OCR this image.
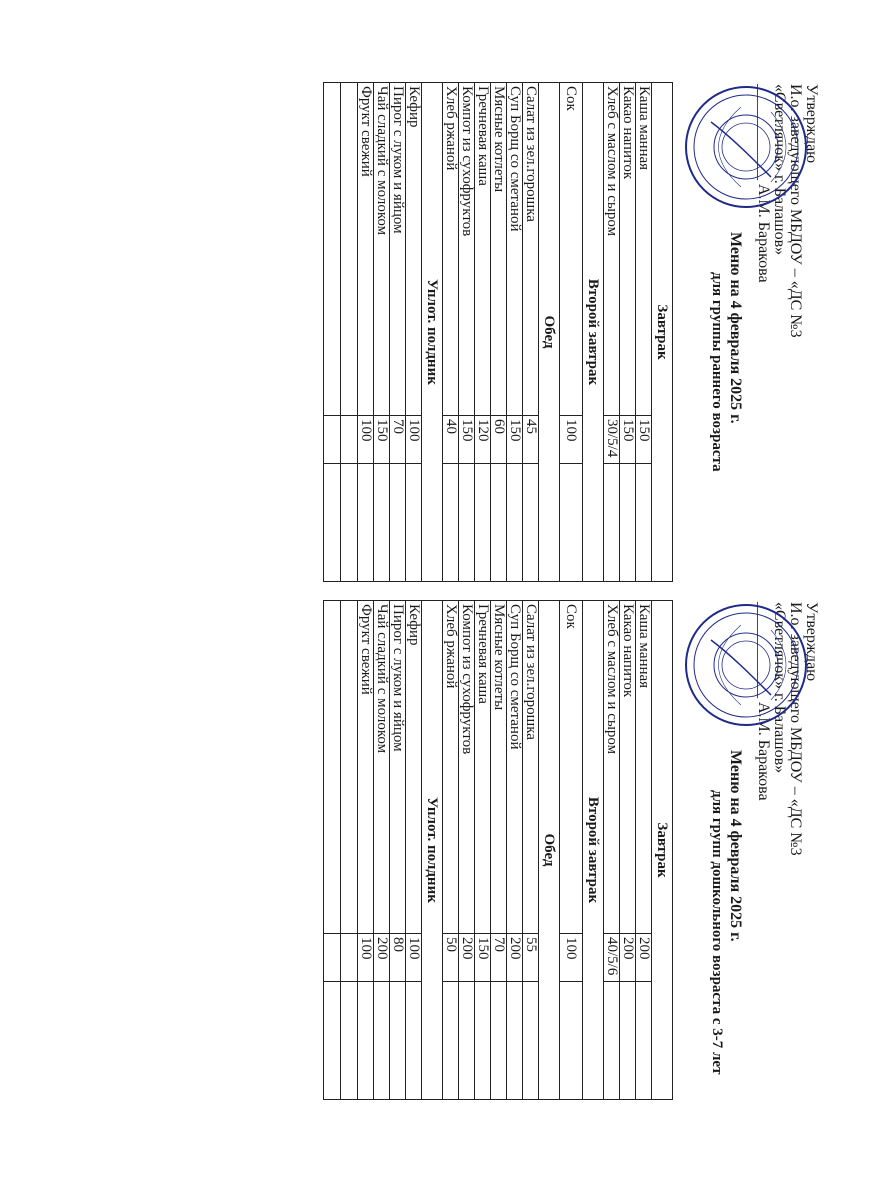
Утверждаю
И.о. заведующего МБДОУ – «ДС №3
«Светлячок» г. Балашов»
____________ А.М. Баракова
Меню на 4 февраля 2025 г.
для группы раннего возраста
Завтрак		
Каша манная	150	
Какао напиток	150	
Хлеб с маслом и сыром	30/5/4	
Второй завтрак		
Сок	100	
Обед		
Салат из зел.горошка	45	
Суп Борщ со сметаной	150	
Мясные котлеты	60	
Гречневая каша	120	
Компот из сухофруктов	150	
Хлеб ржаной	40	
Уплот. полдник		
Кефир	100	
Пирог с луком и яйцом	70	
Чай сладкий с молоком	150	
Фрукт свежий	100	

Утверждаю
И.о. заведующего МБДОУ – «ДС №3
«Светлячок» г. Балашов»
____________ А.М. Баракова
Меню на 4 февраля 2025 г.
для групп дошкольного возраста с 3-7 лет
Завтрак		
Каша манная	200	
Какао напиток	200	
Хлеб с маслом и сыром	40/5/6	
Второй завтрак		
Сок	100	
Обед		
Салат из зел.горошка	55	
Суп Борщ со сметаной	200	
Мясные котлеты	70	
Гречневая каша	150	
Компот из сухофруктов	200	
Хлеб ржаной	50	
Уплот. полдник		
Кефир	100	
Пирог с луком и яйцом	80	
Чай сладкий с молоком	200	
Фрукт свежий	100	
